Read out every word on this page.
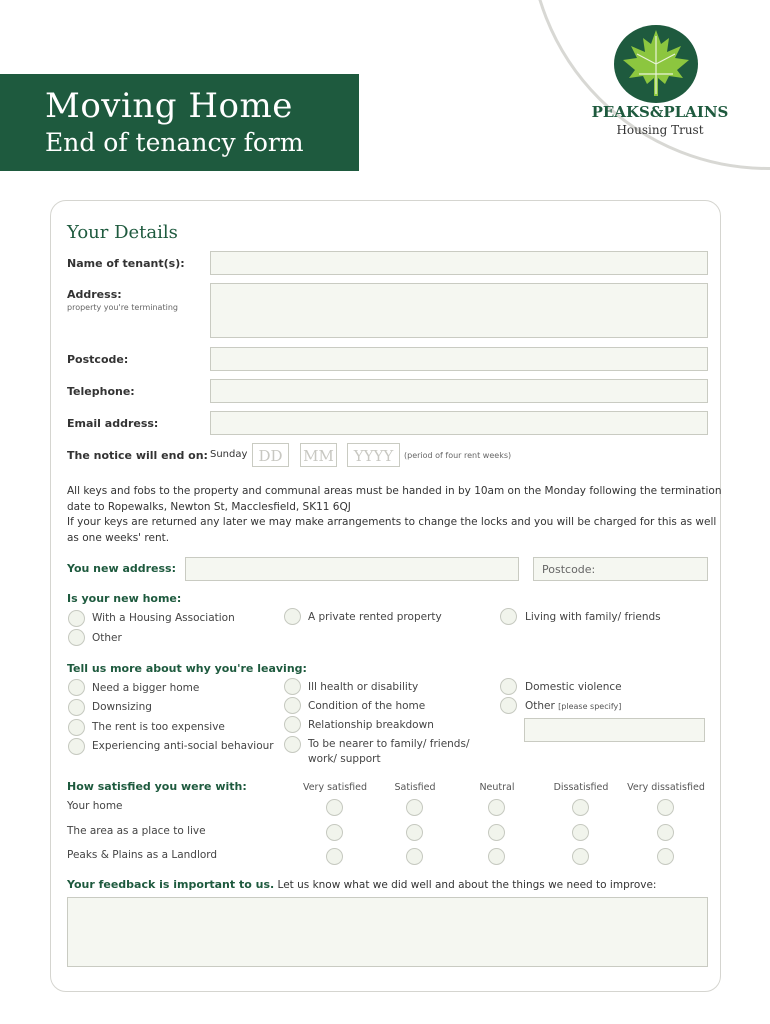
Moving Home
End of tenancy form
PEAKS&PLAINS
Housing Trust
Your Details
Name of tenant(s):
Address:
property you're terminating
Postcode:
Telephone:
Email address:
The notice will end on: Sunday DD	MM	YYYY	(period of four rent weeks)
All keys and fobs to the property and communal areas must be handed in by 10am on the Monday following the termination
date to Ropewalks, Newton St, Macclesfield, SK11 6QJ
If your keys are returned any later we may make arrangements to change the locks and you will be charged for this as well
as one weeks' rent.
You new address:	Postcode:
Is your new home:
With a Housing Association	A private rented property	Living with family/ friends
Other
Tell us more about why you're leaving:
Need a bigger home
Downsizing
The rent is too expensive
Experiencing anti-social behaviour
Ill health or disability
Condition of the home
Relationship breakdown
To be nearer to family/ friends/
work/ support
Domestic violence
Other [please specify]
How satisfied you were with:	Very satisfied	Satisfied	Neutral	Dissatisfied	Very dissatisfied
Your home
The area as a place to live
Peaks & Plains as a Landlord
Your feedback is important to us. Let us know what we did well and about the things we need to improve:
